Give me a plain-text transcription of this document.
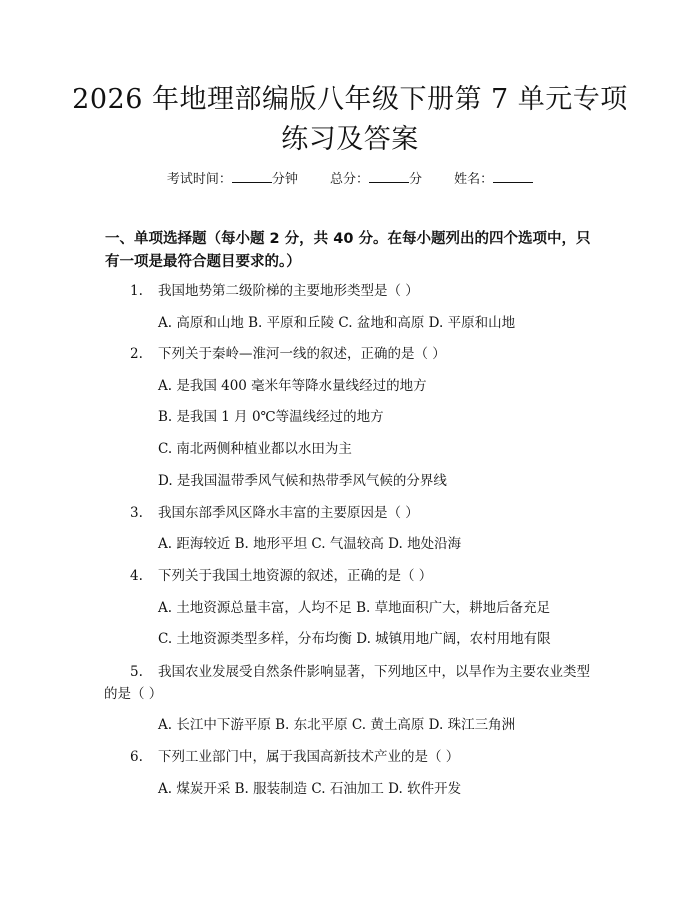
2026 年地理部编版八年级下册第 7 单元专项
练习及答案
考试时间：	分钟 总分：	分 姓名：
一、单项选择题（每小题 2 分，共 40 分。在每小题列出的四个选项中，只有一项是最符合题目要求的。）
1. 我国地势第二级阶梯的主要地形类型是（ ）
A. 高原和山地 B. 平原和丘陵 C. 盆地和高原 D. 平原和山地
2. 下列关于秦岭—淮河一线的叙述，正确的是（ ）
A. 是我国 400 毫米年等降水量线经过的地方
B. 是我国 1 月 0℃等温线经过的地方
C. 南北两侧种植业都以水田为主
D. 是我国温带季风气候和热带季风气候的分界线
3. 我国东部季风区降水丰富的主要原因是（ ）
A. 距海较近 B. 地形平坦 C. 气温较高 D. 地处沿海
4. 下列关于我国土地资源的叙述，正确的是（ ）
A. 土地资源总量丰富，人均不足 B. 草地面积广大，耕地后备充足
C. 土地资源类型多样，分布均衡 D. 城镇用地广阔，农村用地有限
5. 我国农业发展受自然条件影响显著，下列地区中，以旱作为主要农业类型
的是（ ）
A. 长江中下游平原 B. 东北平原 C. 黄土高原 D. 珠江三角洲
6. 下列工业部门中，属于我国高新技术产业的是（ ）
A. 煤炭开采 B. 服装制造 C. 石油加工 D. 软件开发
